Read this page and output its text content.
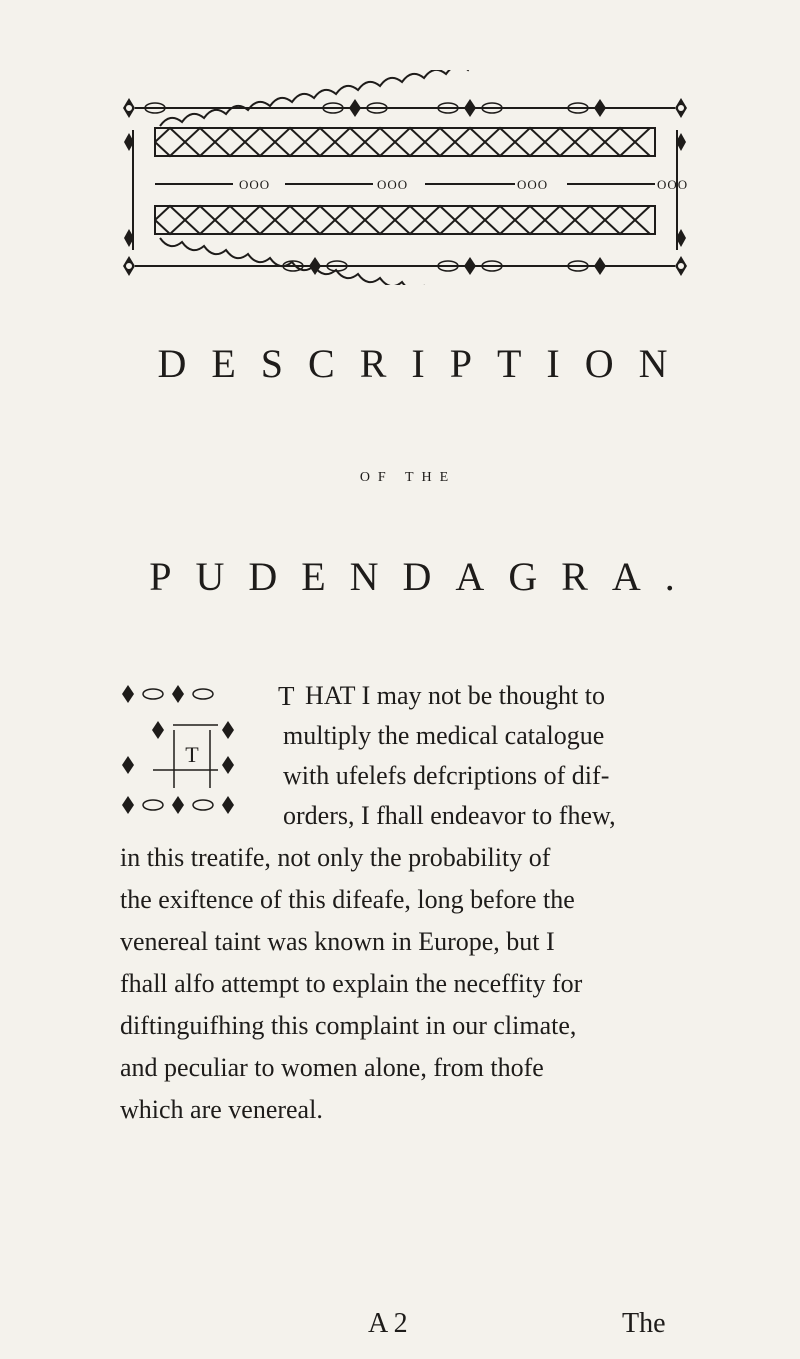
OOO	OOO	OOO	OOO
DESCRIPTION
OF THE
PUDENDAGRA.
T
T HAT I may not be thought to

multiply the medical catalogue

with ufelefs defcriptions of dif-

orders, I fhall endeavor to fhew,

in this treatife, not only the probability of

the exiftence of this difeafe, long before the

venereal taint was known in Europe, but I

fhall alfo attempt to explain the neceffity for

diftinguifhing this complaint in our climate,

and peculiar to women alone, from thofe

which are venereal.

A 2	The
